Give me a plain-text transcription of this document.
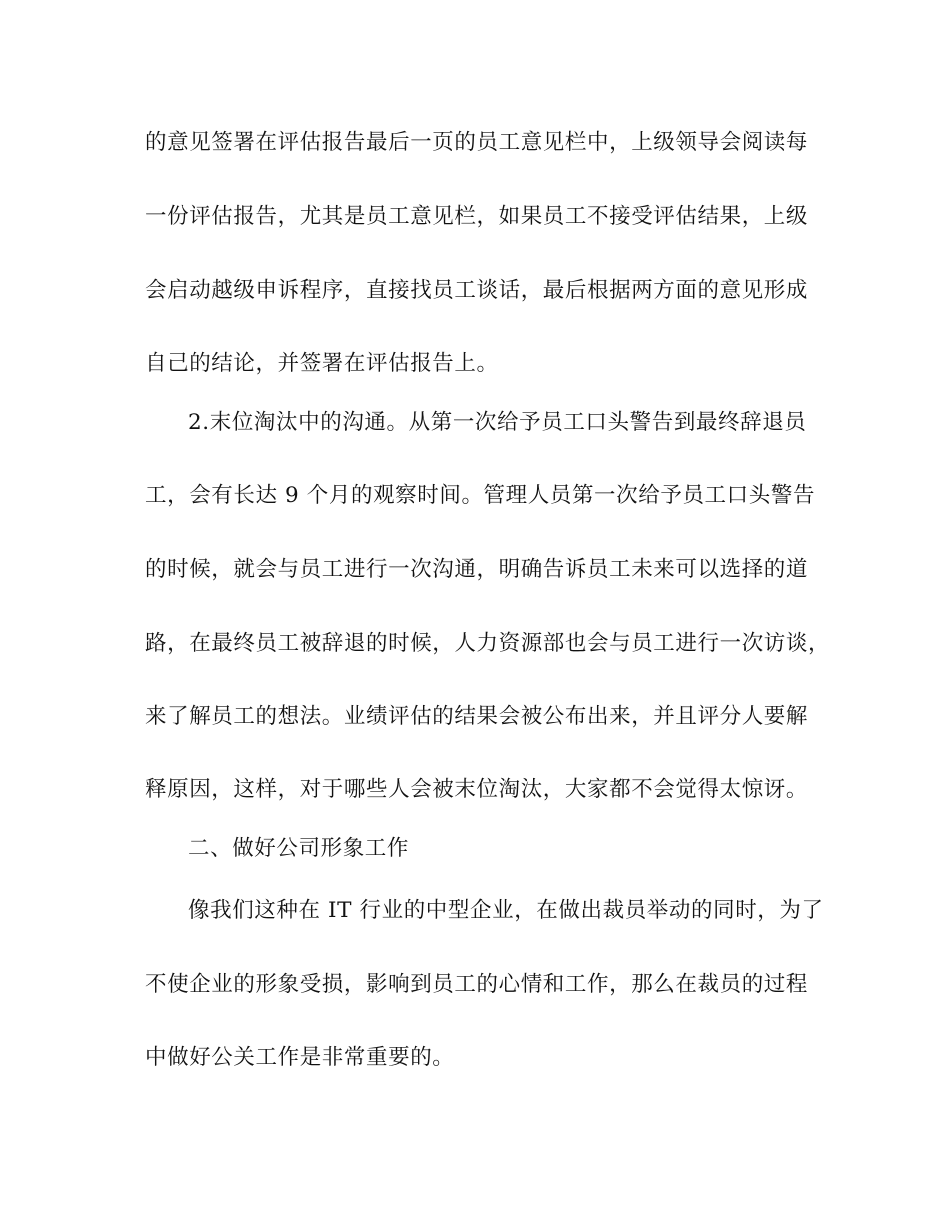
的意见签署在评估报告最后一页的员工意见栏中，上级领导会阅读每
一份评估报告，尤其是员工意见栏，如果员工不接受评估结果，上级
会启动越级申诉程序，直接找员工谈话，最后根据两方面的意见形成
自己的结论，并签署在评估报告上。
2.末位淘汰中的沟通。从第一次给予员工口头警告到最终辞退员
工，会有长达 9 个月的观察时间。管理人员第一次给予员工口头警告
的时候，就会与员工进行一次沟通，明确告诉员工未来可以选择的道
路，在最终员工被辞退的时候，人力资源部也会与员工进行一次访谈，
来了解员工的想法。业绩评估的结果会被公布出来，并且评分人要解
释原因，这样，对于哪些人会被末位淘汰，大家都不会觉得太惊讶。
二、做好公司形象工作
像我们这种在 IT 行业的中型企业，在做出裁员举动的同时，为了
不使企业的形象受损，影响到员工的心情和工作，那么在裁员的过程
中做好公关工作是非常重要的。
